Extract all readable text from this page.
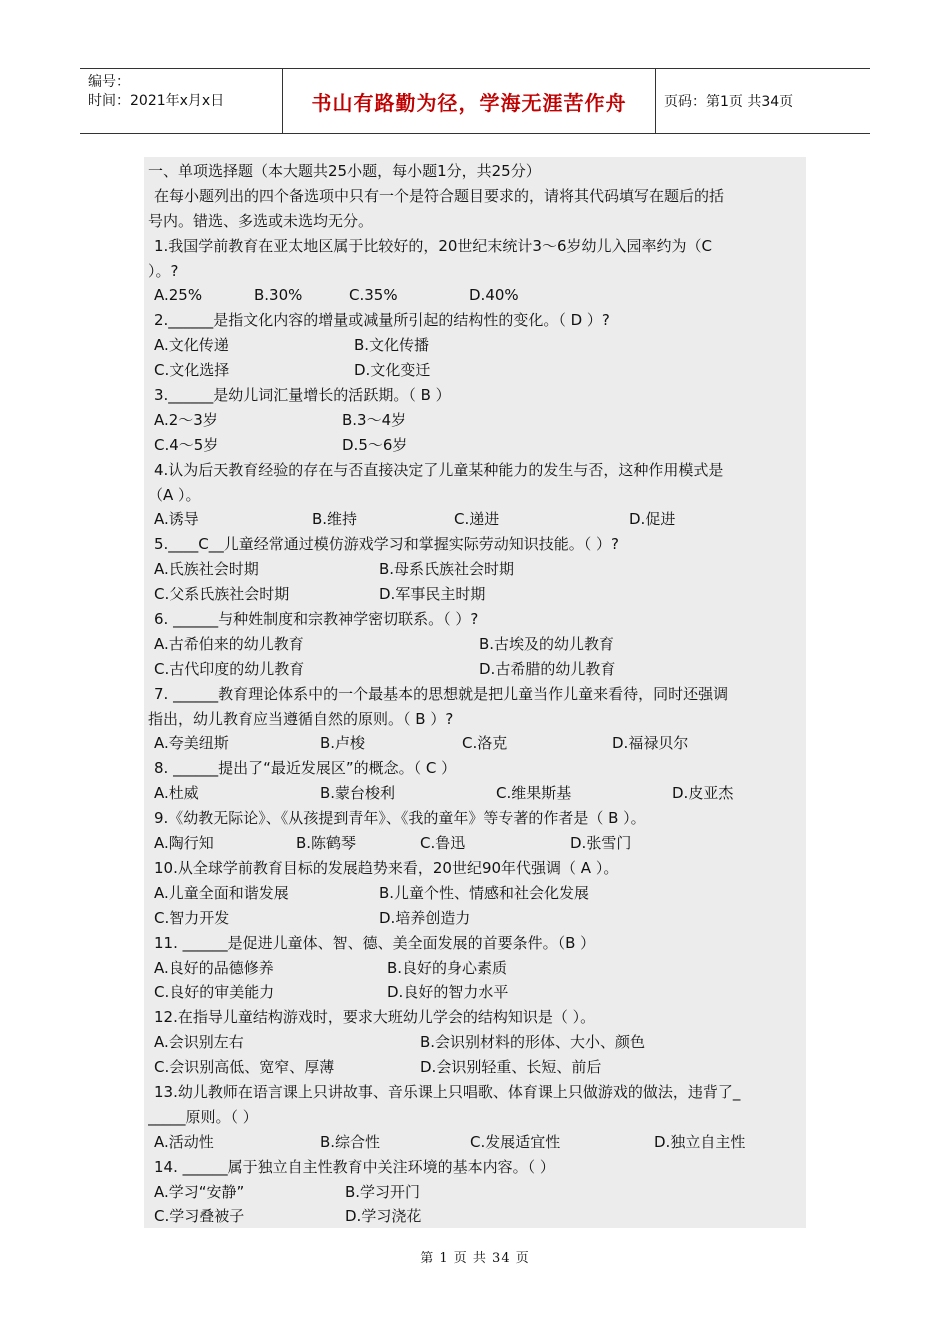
编号：
时间：2021年x月x日	书山有路勤为径，学海无涯苦作舟	页码：第1页 共34页
一、单项选择题（本大题共25小题，每小题1分，共25分）
在每小题列出的四个备选项中只有一个是符合题目要求的，请将其代码填写在题后的括
号内。错选、多选或未选均无分。
1.我国学前教育在亚太地区属于比较好的，20世纪末统计3～6岁幼儿入园率约为（C
）。?
A.25%	B.30%	C.35%	D.40%
2.______是指文化内容的增量或减量所引起的结构性的变化。（ D ）?
A.文化传递	B.文化传播
C.文化选择	D.文化变迁
3.______是幼儿词汇量增长的活跃期。（ B ）
A.2～3岁	B.3～4岁
C.4～5岁	D.5～6岁
4.认为后天教育经验的存在与否直接决定了儿童某种能力的发生与否，这种作用模式是
（A ）。
A.诱导	B.维持	C.递进	D.促进
5.____C__儿童经常通过模仿游戏学习和掌握实际劳动知识技能。（ ）?
A.氏族社会时期	B.母系氏族社会时期
C.父系氏族社会时期	D.军事民主时期
6. ______与种姓制度和宗教神学密切联系。（ ）?
A.古希伯来的幼儿教育	B.古埃及的幼儿教育
C.古代印度的幼儿教育	D.古希腊的幼儿教育
7. ______教育理论体系中的一个最基本的思想就是把儿童当作儿童来看待，同时还强调
指出，幼儿教育应当遵循自然的原则。（ B ）?
A.夸美纽斯	B.卢梭	C.洛克	D.福禄贝尔
8. ______提出了“最近发展区”的概念。（ C ）
A.杜威	B.蒙台梭利	C.维果斯基	D.皮亚杰
9.《幼教无际论》、《从孩提到青年》、《我的童年》等专著的作者是（ B ）。
A.陶行知	B.陈鹤琴	C.鲁迅	D.张雪门
10.从全球学前教育目标的发展趋势来看，20世纪90年代强调（ A ）。
A.儿童全面和谐发展	B.儿童个性、情感和社会化发展
C.智力开发	D.培养创造力
11. ______是促进儿童体、智、德、美全面发展的首要条件。（B ）
A.良好的品德修养	B.良好的身心素质
C.良好的审美能力	D.良好的智力水平
12.在指导儿童结构游戏时，要求大班幼儿学会的结构知识是（ ）。
A.会识别左右	B.会识别材料的形体、大小、颜色
C.会识别高低、宽窄、厚薄	D.会识别轻重、长短、前后
13.幼儿教师在语言课上只讲故事、音乐课上只唱歌、体育课上只做游戏的做法，违背了_
_____原则。（ ）
A.活动性	B.综合性	C.发展适宜性	D.独立自主性
14. ______属于独立自主性教育中关注环境的基本内容。（ ）
A.学习“安静”	B.学习开门
C.学习叠被子	D.学习浇花
第 1 页 共 34 页
